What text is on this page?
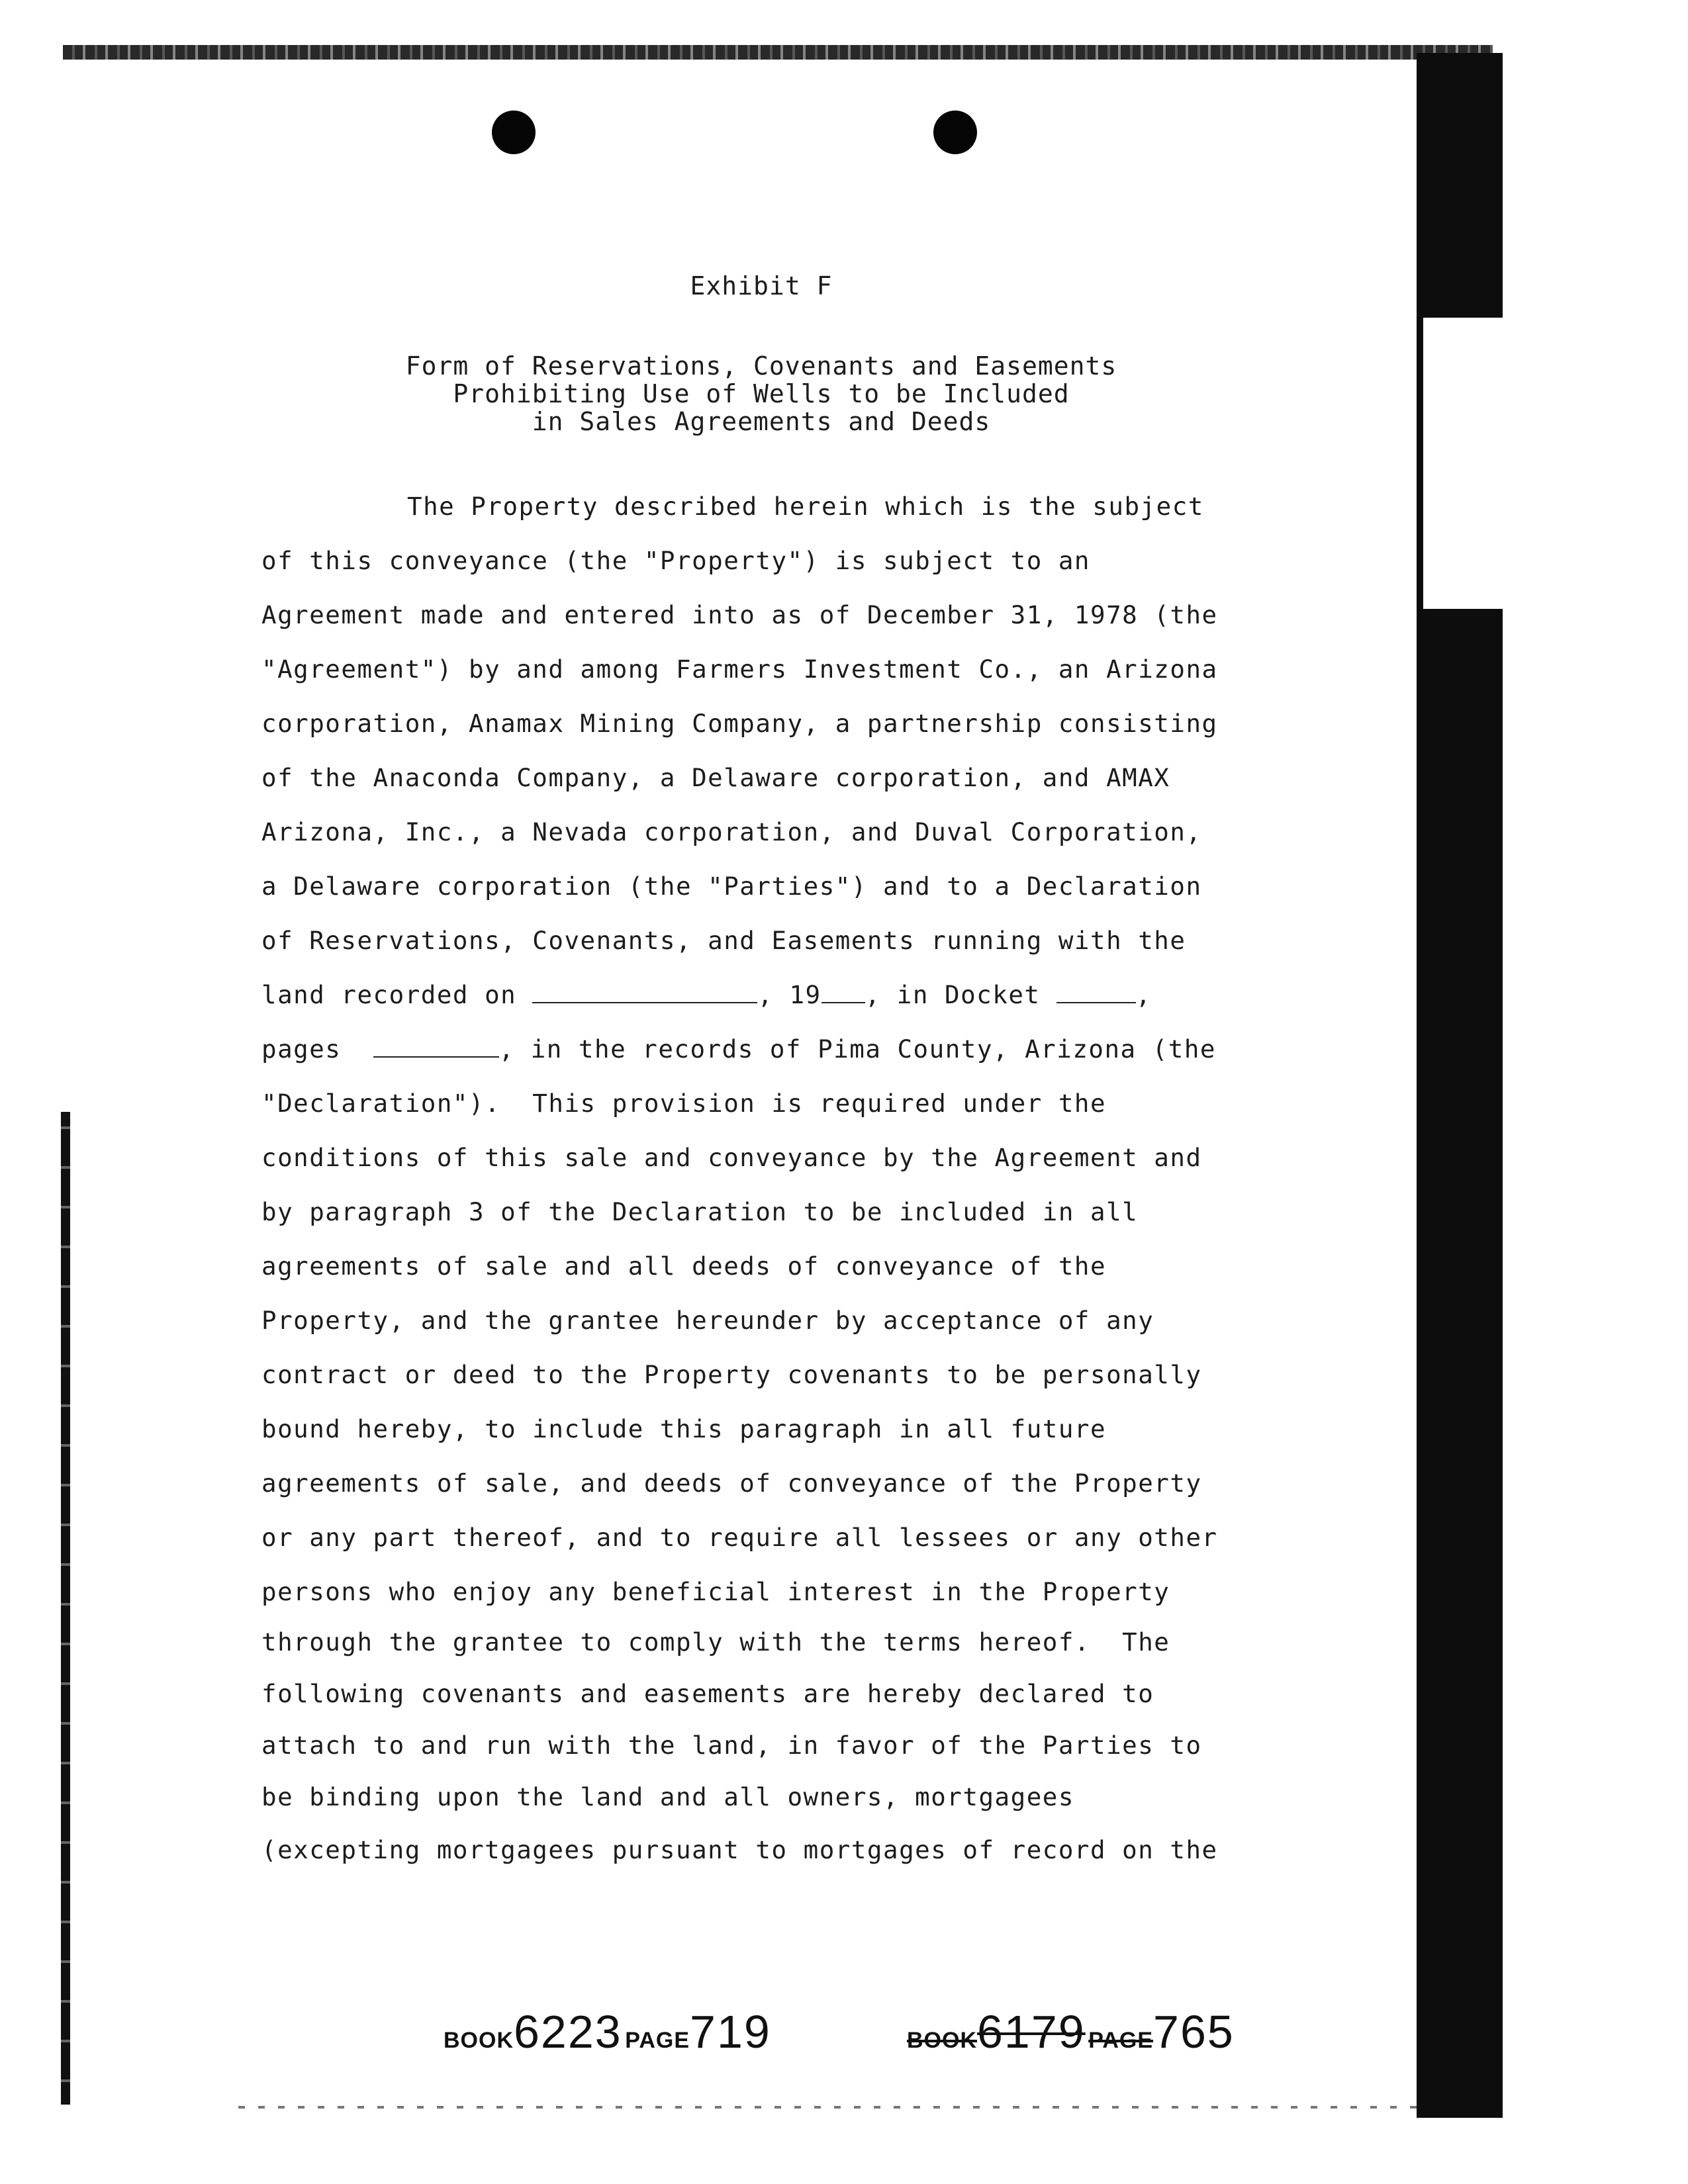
Exhibit F
Form of Reservations, Covenants and Easements
Prohibiting Use of Wells to be Included
in Sales Agreements and Deeds
The Property described herein which is the subject
of this conveyance (the "Property") is subject to an
Agreement made and entered into as of December 31, 1978 (the
"Agreement") by and among Farmers Investment Co., an Arizona
corporation, Anamax Mining Company, a partnership consisting
of the Anaconda Company, a Delaware corporation, and AMAX
Arizona, Inc., a Nevada corporation, and Duval Corporation,
a Delaware corporation (the "Parties") and to a Declaration
of Reservations, Covenants, and Easements running with the
land recorded on	, 19 , in Docket	,
pages	, in the records of Pima County, Arizona (the
"Declaration").  This provision is required under the
conditions of this sale and conveyance by the Agreement and
by paragraph 3 of the Declaration to be included in all
agreements of sale and all deeds of conveyance of the
Property, and the grantee hereunder by acceptance of any
contract or deed to the Property covenants to be personally
bound hereby, to include this paragraph in all future
agreements of sale, and deeds of conveyance of the Property
or any part thereof, and to require all lessees or any other
persons who enjoy any beneficial interest in the Property
through the grantee to comply with the terms hereof.  The
following covenants and easements are hereby declared to
attach to and run with the land, in favor of the Parties to
be binding upon the land and all owners, mortgagees
(excepting mortgagees pursuant to mortgages of record on the
BOOK6223 PAGE719	BOOK6179 PAGE765
